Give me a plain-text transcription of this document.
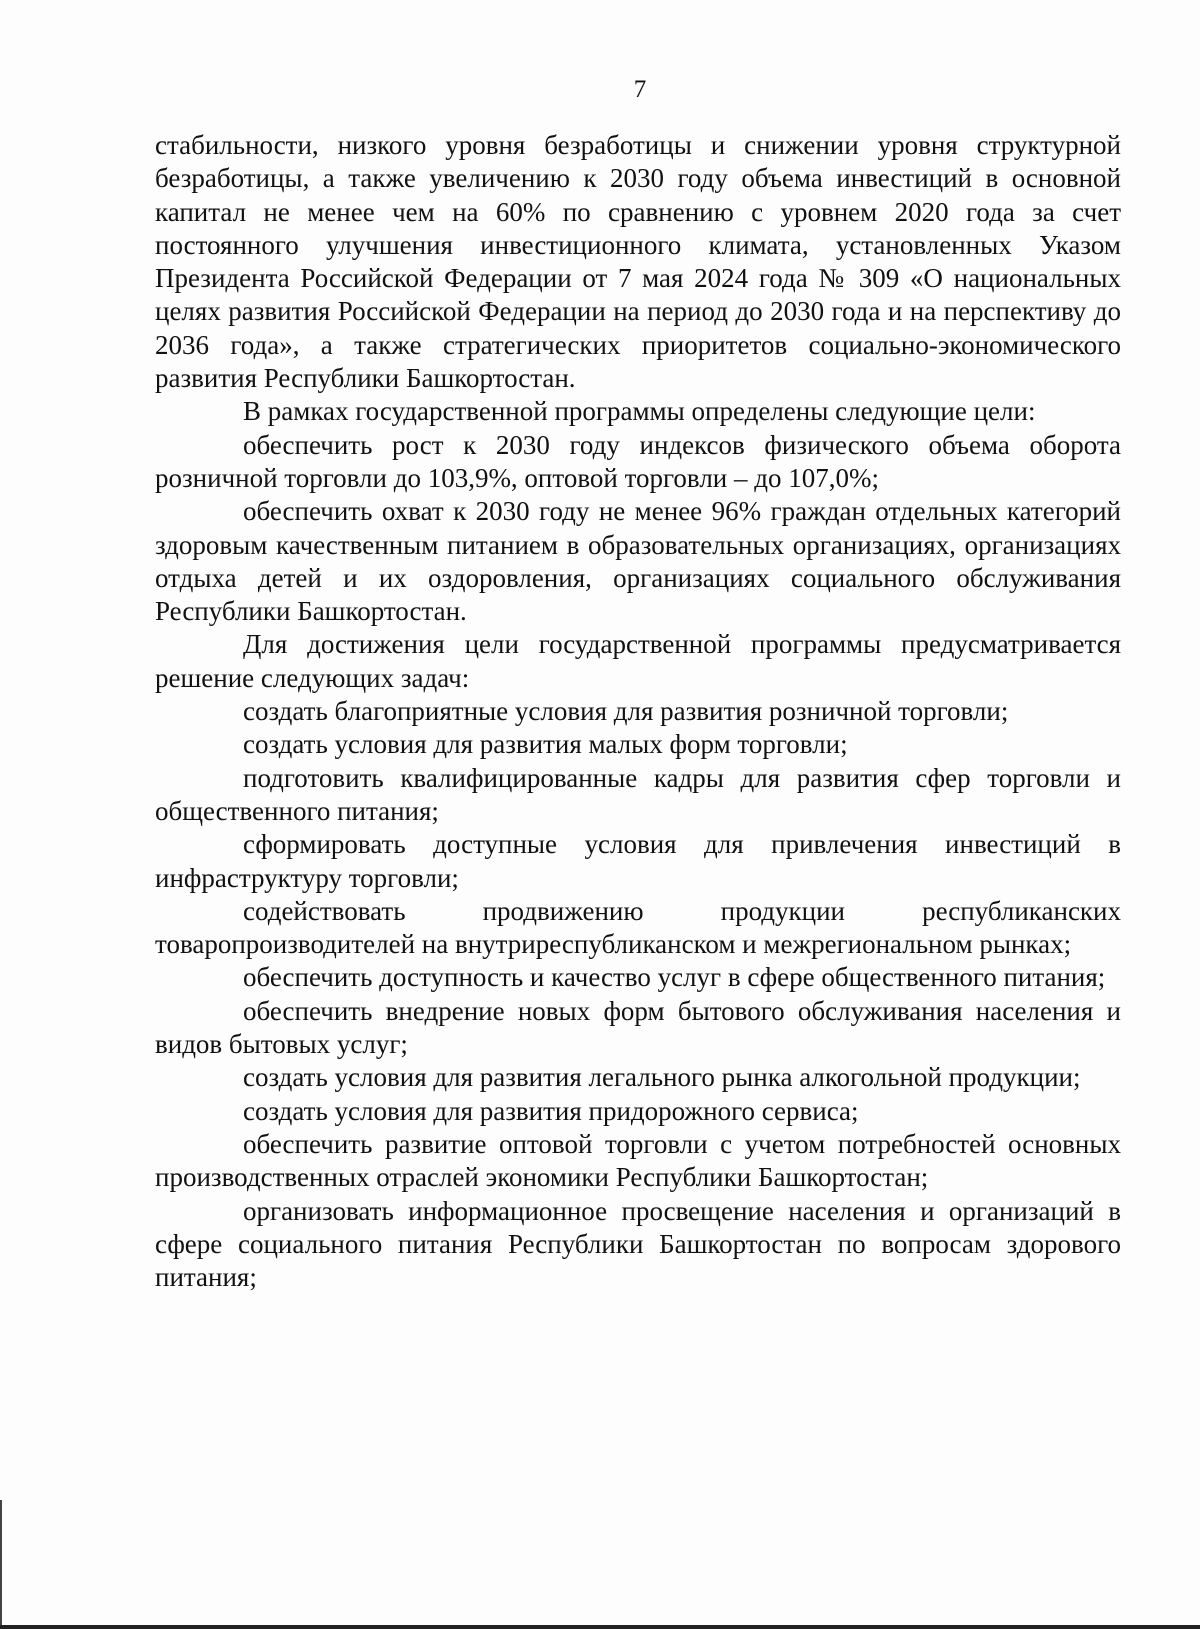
7

стабильности, низкого уровня безработицы и снижении уровня структурной безработицы, а также увеличению к 2030 году объема инвестиций в основной капитал не менее чем на 60% по сравнению с уровнем 2020 года за счет постоянного улучшения инвестиционного климата, установленных Указом Президента Российской Федерации от 7 мая 2024 года № 309 «О национальных целях развития Российской Федерации на период до 2030 года и на перспективу до 2036 года», а также стратегических приоритетов социально-экономического развития Республики Башкортостан.

В рамках государственной программы определены следующие цели:

обеспечить рост к 2030 году индексов физического объема оборота розничной торговли до 103,9%, оптовой торговли – до 107,0%;

обеспечить охват к 2030 году не менее 96% граждан отдельных категорий здоровым качественным питанием в образовательных организациях, организациях отдыха детей и их оздоровления, организациях социального обслуживания Республики Башкортостан.

Для достижения цели государственной программы предусматривается решение следующих задач:

создать благоприятные условия для развития розничной торговли;

создать условия для развития малых форм торговли;

подготовить квалифицированные кадры для развития сфер торговли и общественного питания;

сформировать доступные условия для привлечения инвестиций в инфраструктуру торговли;

содействовать продвижению продукции республиканских товаропроизводителей на внутриреспубликанском и межрегиональном рынках;

обеспечить доступность и качество услуг в сфере общественного питания;

обеспечить внедрение новых форм бытового обслуживания населения и видов бытовых услуг;

создать условия для развития легального рынка алкогольной продукции;

создать условия для развития придорожного сервиса;

обеспечить развитие оптовой торговли с учетом потребностей основных производственных отраслей экономики Республики Башкортостан;

организовать информационное просвещение населения и организаций в сфере социального питания Республики Башкортостан по вопросам здорового питания;
